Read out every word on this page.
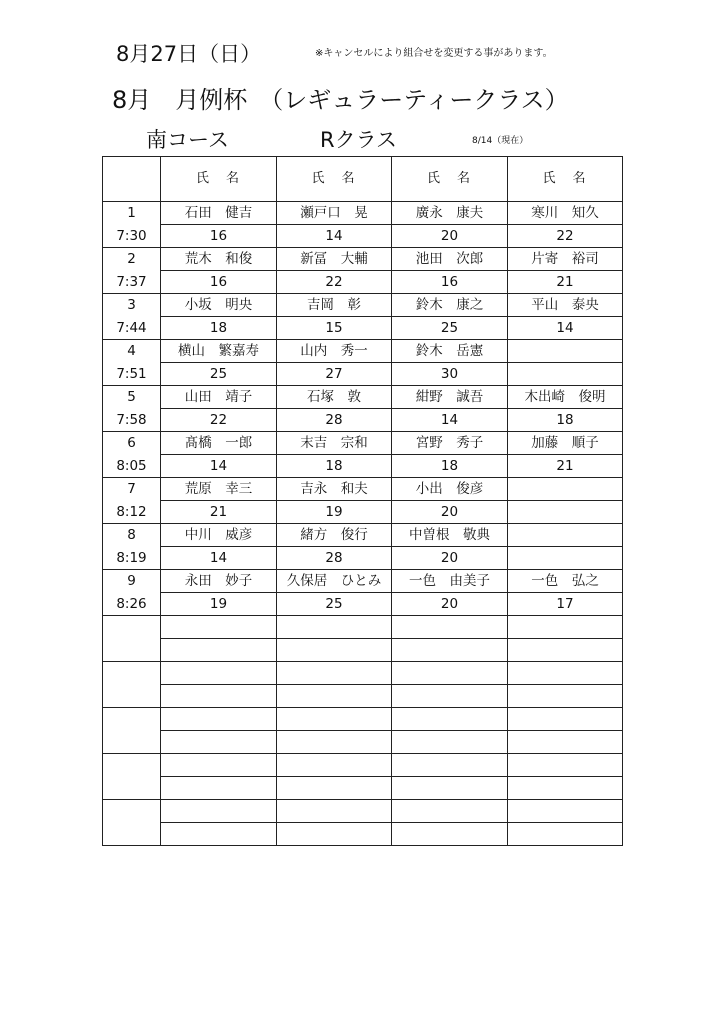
8月27日（日）	※キャンセルにより組合せを変更する事があります。
8月　月例杯　（レギュラーティークラス）
南コース	Rクラス	8/14（現在）
	氏　名	氏　名	氏　名	氏　名
1	石田　健吉	瀬戸口　晃	廣永　康夫	寒川　知久
7:30	16	14	20	22
2	荒木　和俊	新冨　大輔	池田　次郎	片寄　裕司
7:37	16	22	16	21
3	小坂　明央	吉岡　彰	鈴木　康之	平山　泰央
7:44	18	15	25	14
4	横山　繁嘉寿	山内　秀一	鈴木　岳憲	
7:51	25	27	30	
5	山田　靖子	石塚　敦	紺野　誠吾	木出崎　俊明
7:58	22	28	14	18
6	髙橋　一郎	末吉　宗和	宮野　秀子	加藤　順子
8:05	14	18	18	21
7	荒原　幸三	吉永　和夫	小出　俊彦	
8:12	21	19	20	
8	中川　威彦	緒方　俊行	中曽根　敬典	
8:19	14	28	20	
9	永田　妙子	久保居　ひとみ	一色　由美子	一色　弘之
8:26	19	25	20	17
